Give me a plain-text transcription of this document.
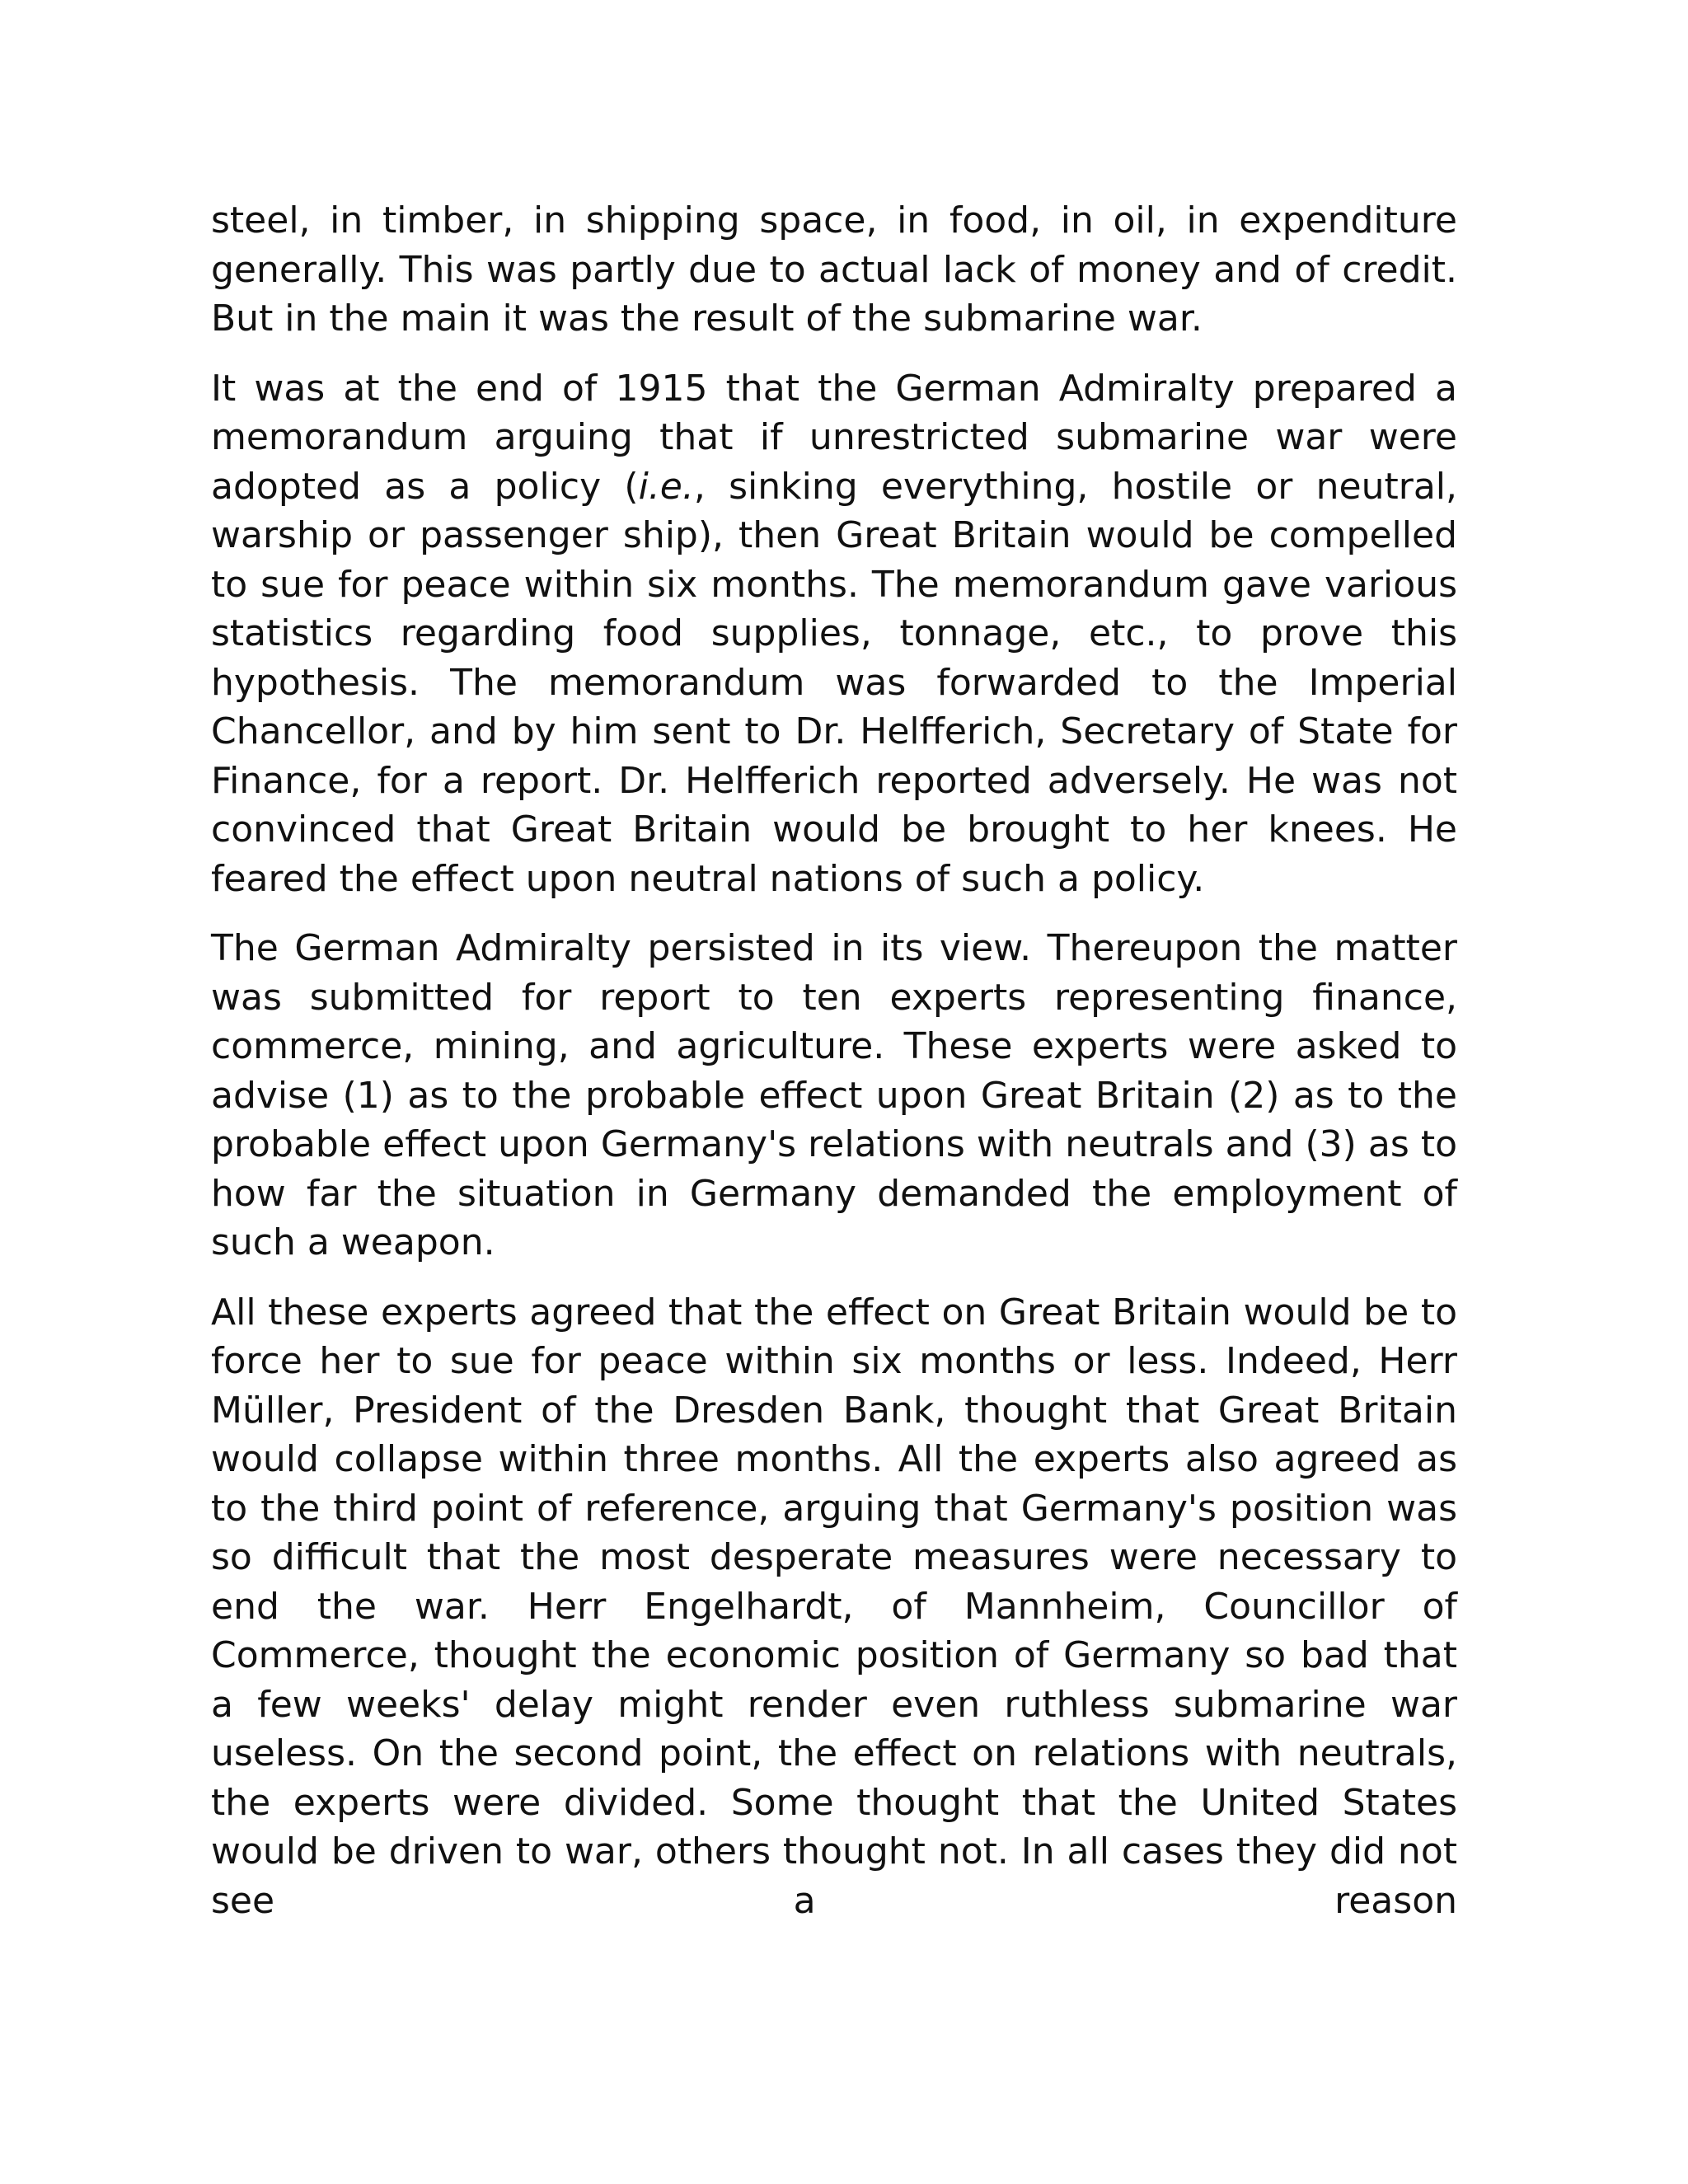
steel, in timber, in shipping space, in food, in oil, in expenditure generally. This was partly due to actual lack of money and of credit. But in the main it was the result of the submarine war.

It was at the end of 1915 that the German Admiralty prepared a memorandum arguing that if unrestricted submarine war were adopted as a policy (i.e., sinking everything, hostile or neutral, warship or passenger ship), then Great Britain would be compelled to sue for peace within six months. The memorandum gave various statistics regarding food supplies, tonnage, etc., to prove this hypothesis. The memorandum was forwarded to the Imperial Chancellor, and by him sent to Dr. Helfferich, Secretary of State for Finance, for a report. Dr. Helfferich reported adversely. He was not convinced that Great Britain would be brought to her knees. He feared the effect upon neutral nations of such a policy.

The German Admiralty persisted in its view. Thereupon the matter was submitted for report to ten experts representing finance, commerce, mining, and agriculture. These experts were asked to advise (1) as to the probable effect upon Great Britain (2) as to the probable effect upon Germany's relations with neutrals and (3) as to how far the situation in Germany demanded the employment of such a weapon.

All these experts agreed that the effect on Great Britain would be to force her to sue for peace within six months or less. Indeed, Herr Müller, President of the Dresden Bank, thought that Great Britain would collapse within three months. All the experts also agreed as to the third point of reference, arguing that Germany's position was so difficult that the most desperate measures were necessary to end the war. Herr Engelhardt, of Mannheim, Councillor of Commerce, thought the economic position of Germany so bad that a few weeks' delay might render even ruthless submarine war useless. On the second point, the effect on relations with neutrals, the experts were divided. Some thought that the United States would be driven to war, others thought not. In all cases they did not see a reason
